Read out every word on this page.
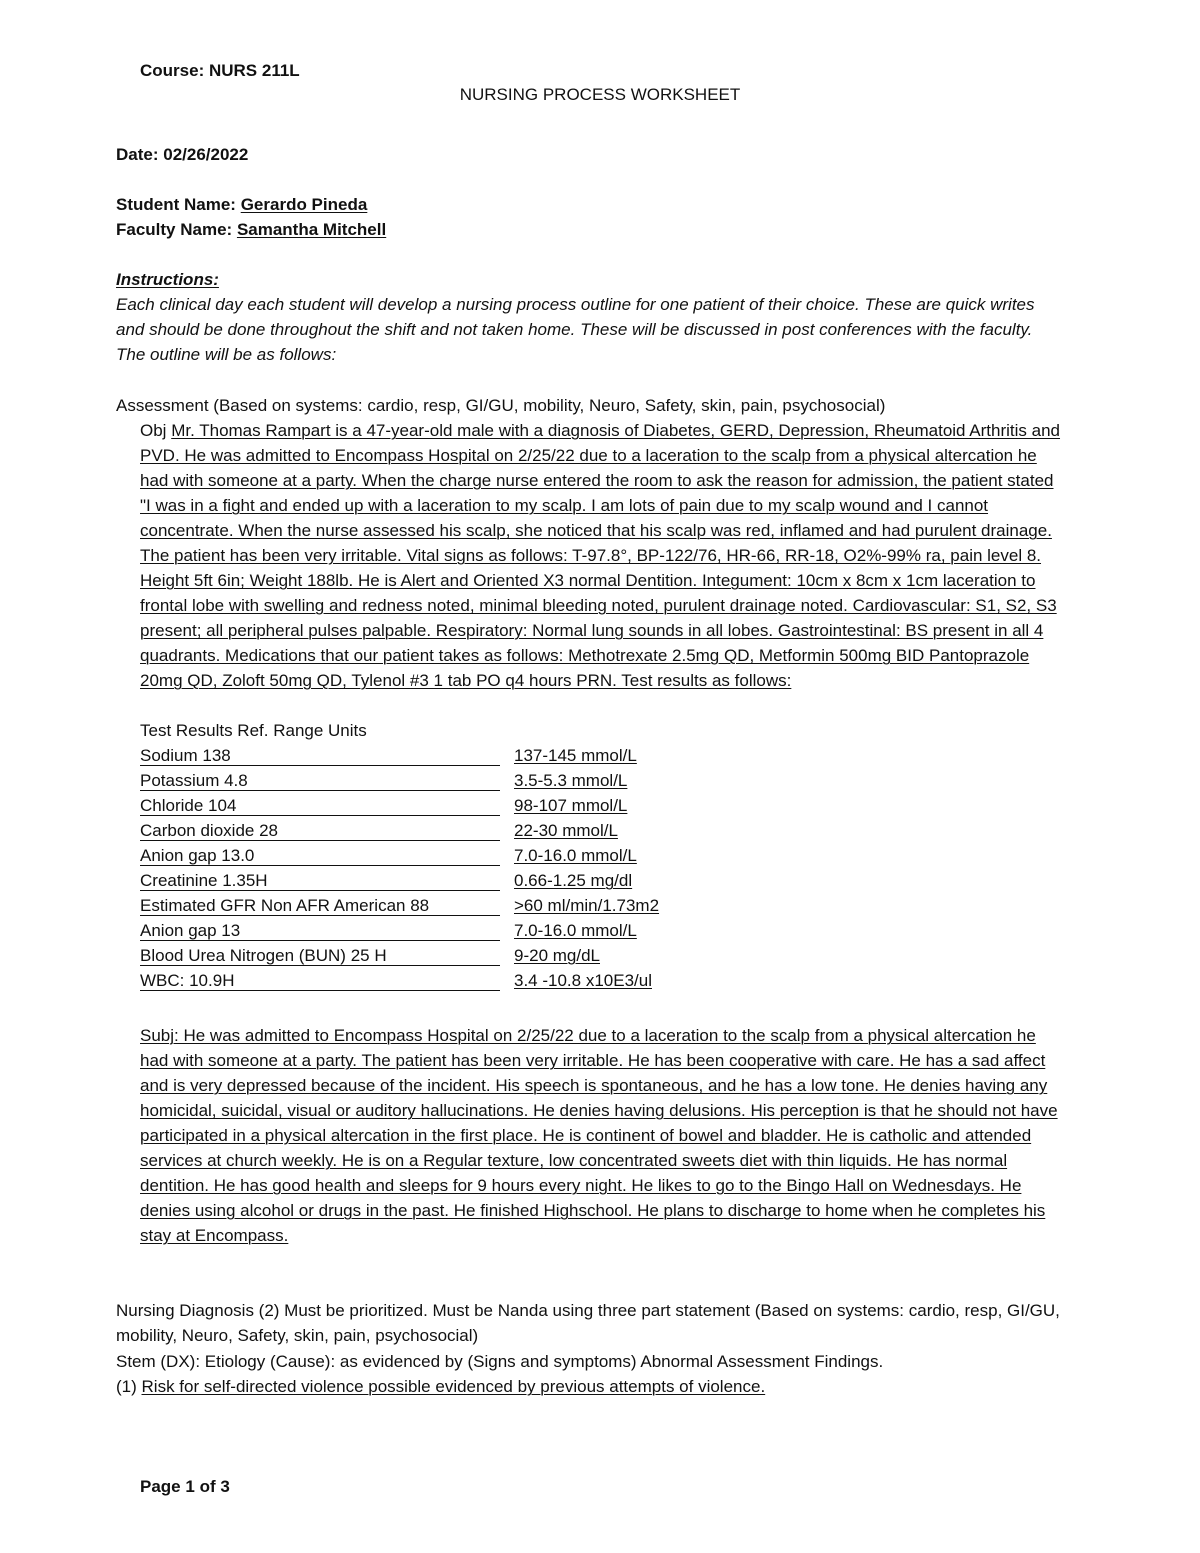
Course: NURS 211L
NURSING PROCESS WORKSHEET
Date: 02/26/2022
Student Name: Gerardo Pineda
Faculty Name: Samantha Mitchell
Instructions:
Each clinical day each student will develop a nursing process outline for one patient of their choice. These are quick writes and should be done throughout the shift and not taken home. These will be discussed in post conferences with the faculty. The outline will be as follows:
Assessment (Based on systems: cardio, resp, GI/GU, mobility, Neuro, Safety, skin, pain, psychosocial)
Obj Mr. Thomas Rampart is a 47-year-old male with a diagnosis of Diabetes, GERD, Depression, Rheumatoid Arthritis and PVD. He was admitted to Encompass Hospital on 2/25/22 due to a laceration to the scalp from a physical altercation he had with someone at a party. When the charge nurse entered the room to ask the reason for admission, the patient stated "I was in a fight and ended up with a laceration to my scalp. I am lots of pain due to my scalp wound and I cannot concentrate. When the nurse assessed his scalp, she noticed that his scalp was red, inflamed and had purulent drainage. The patient has been very irritable. Vital signs as follows: T-97.8°, BP-122/76, HR-66, RR-18, O2%-99% ra, pain level 8. Height 5ft 6in; Weight 188lb. He is Alert and Oriented X3 normal Dentition. Integument: 10cm x 8cm x 1cm laceration to frontal lobe with swelling and redness noted, minimal bleeding noted, purulent drainage noted. Cardiovascular: S1, S2, S3 present; all peripheral pulses palpable. Respiratory: Normal lung sounds in all lobes. Gastrointestinal: BS present in all 4 quadrants. Medications that our patient takes as follows: Methotrexate 2.5mg QD, Metformin 500mg BID Pantoprazole 20mg QD, Zoloft 50mg QD, Tylenol #3 1 tab PO q4 hours PRN. Test results as follows:
Test Results Ref. Range Units
Sodium 138	137-145 mmol/L
Potassium 4.8	3.5-5.3 mmol/L
Chloride 104	98-107 mmol/L
Carbon dioxide 28	22-30 mmol/L
Anion gap 13.0	7.0-16.0 mmol/L
Creatinine 1.35H	0.66-1.25 mg/dl
Estimated GFR Non AFR American 88	>60 ml/min/1.73m2
Anion gap 13	7.0-16.0 mmol/L
Blood Urea Nitrogen (BUN) 25 H	9-20 mg/dL
WBC: 10.9H	3.4 -10.8 x10E3/ul
Subj: He was admitted to Encompass Hospital on 2/25/22 due to a laceration to the scalp from a physical altercation he had with someone at a party. The patient has been very irritable. He has been cooperative with care. He has a sad affect and is very depressed because of the incident. His speech is spontaneous, and he has a low tone. He denies having any homicidal, suicidal, visual or auditory hallucinations. He denies having delusions. His perception is that he should not have participated in a physical altercation in the first place. He is continent of bowel and bladder. He is catholic and attended services at church weekly. He is on a Regular texture, low concentrated sweets diet with thin liquids. He has normal dentition. He has good health and sleeps for 9 hours every night. He likes to go to the Bingo Hall on Wednesdays. He denies using alcohol or drugs in the past. He finished Highschool. He plans to discharge to home when he completes his stay at Encompass.
Nursing Diagnosis (2) Must be prioritized. Must be Nanda using three part statement (Based on systems: cardio, resp, GI/GU, mobility, Neuro, Safety, skin, pain, psychosocial)
Stem (DX): Etiology (Cause): as evidenced by (Signs and symptoms) Abnormal Assessment Findings.
(1) Risk for self-directed violence possible evidenced by previous attempts of violence.
Page 1 of 3
